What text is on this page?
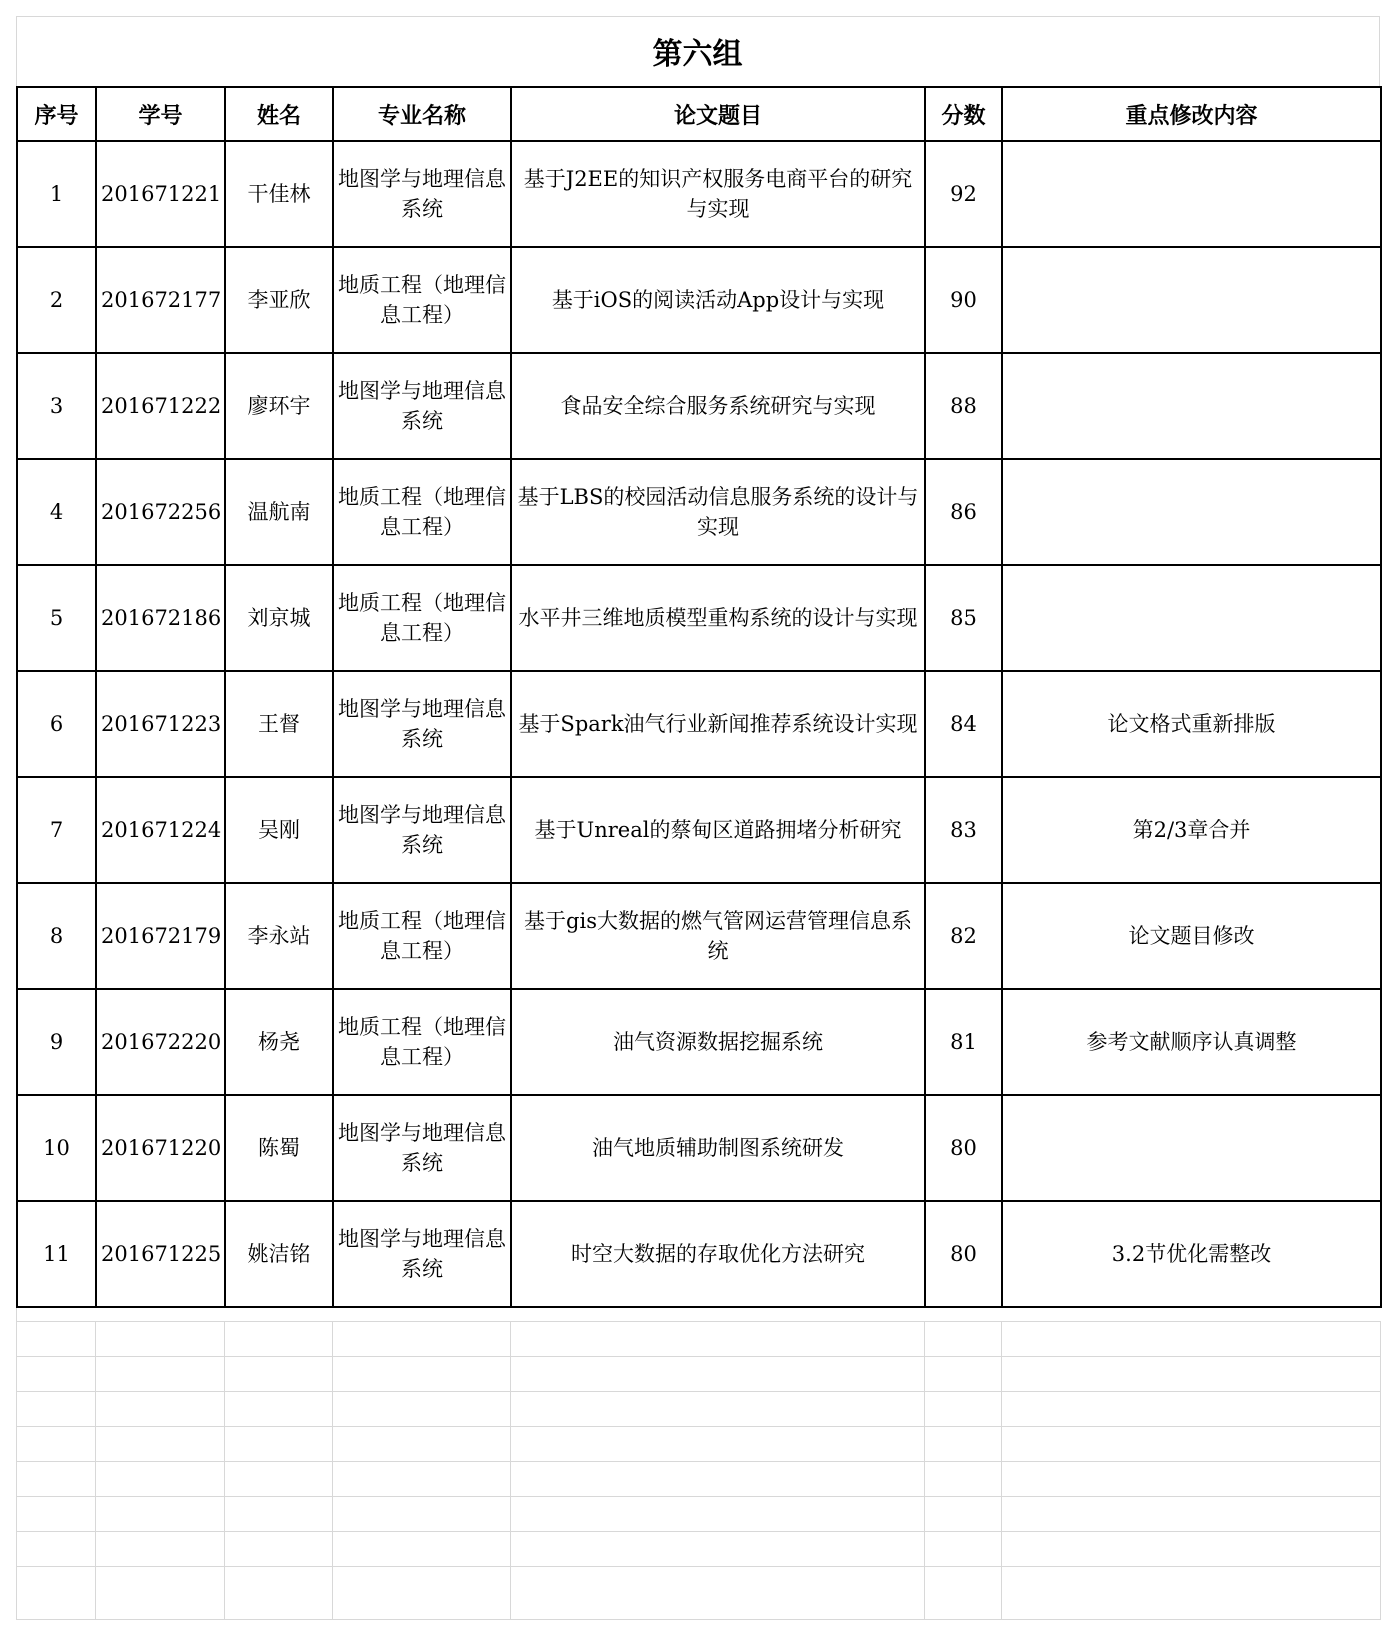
第六组
序号	学号	姓名	专业名称	论文题目	分数	重点修改内容
1	201671221	干佳林	地图学与地理信息系统	基于J2EE的知识产权服务电商平台的研究与实现	92	
2	201672177	李亚欣	地质工程（地理信息工程）	基于iOS的阅读活动App设计与实现	90	
3	201671222	廖环宇	地图学与地理信息系统	食品安全综合服务系统研究与实现	88	
4	201672256	温航南	地质工程（地理信息工程）	基于LBS的校园活动信息服务系统的设计与实现	86	
5	201672186	刘京城	地质工程（地理信息工程）	水平井三维地质模型重构系统的设计与实现	85	
6	201671223	王督	地图学与地理信息系统	基于Spark油气行业新闻推荐系统设计实现	84	论文格式重新排版
7	201671224	吴刚	地图学与地理信息系统	基于Unreal的蔡甸区道路拥堵分析研究	83	第2/3章合并
8	201672179	李永站	地质工程（地理信息工程）	基于gis大数据的燃气管网运营管理信息系统	82	论文题目修改
9	201672220	杨尧	地质工程（地理信息工程）	油气资源数据挖掘系统	81	参考文献顺序认真调整
10	201671220	陈蜀	地图学与地理信息系统	油气地质辅助制图系统研发	80	
11	201671225	姚洁铭	地图学与地理信息系统	时空大数据的存取优化方法研究	80	3.2节优化需整改
